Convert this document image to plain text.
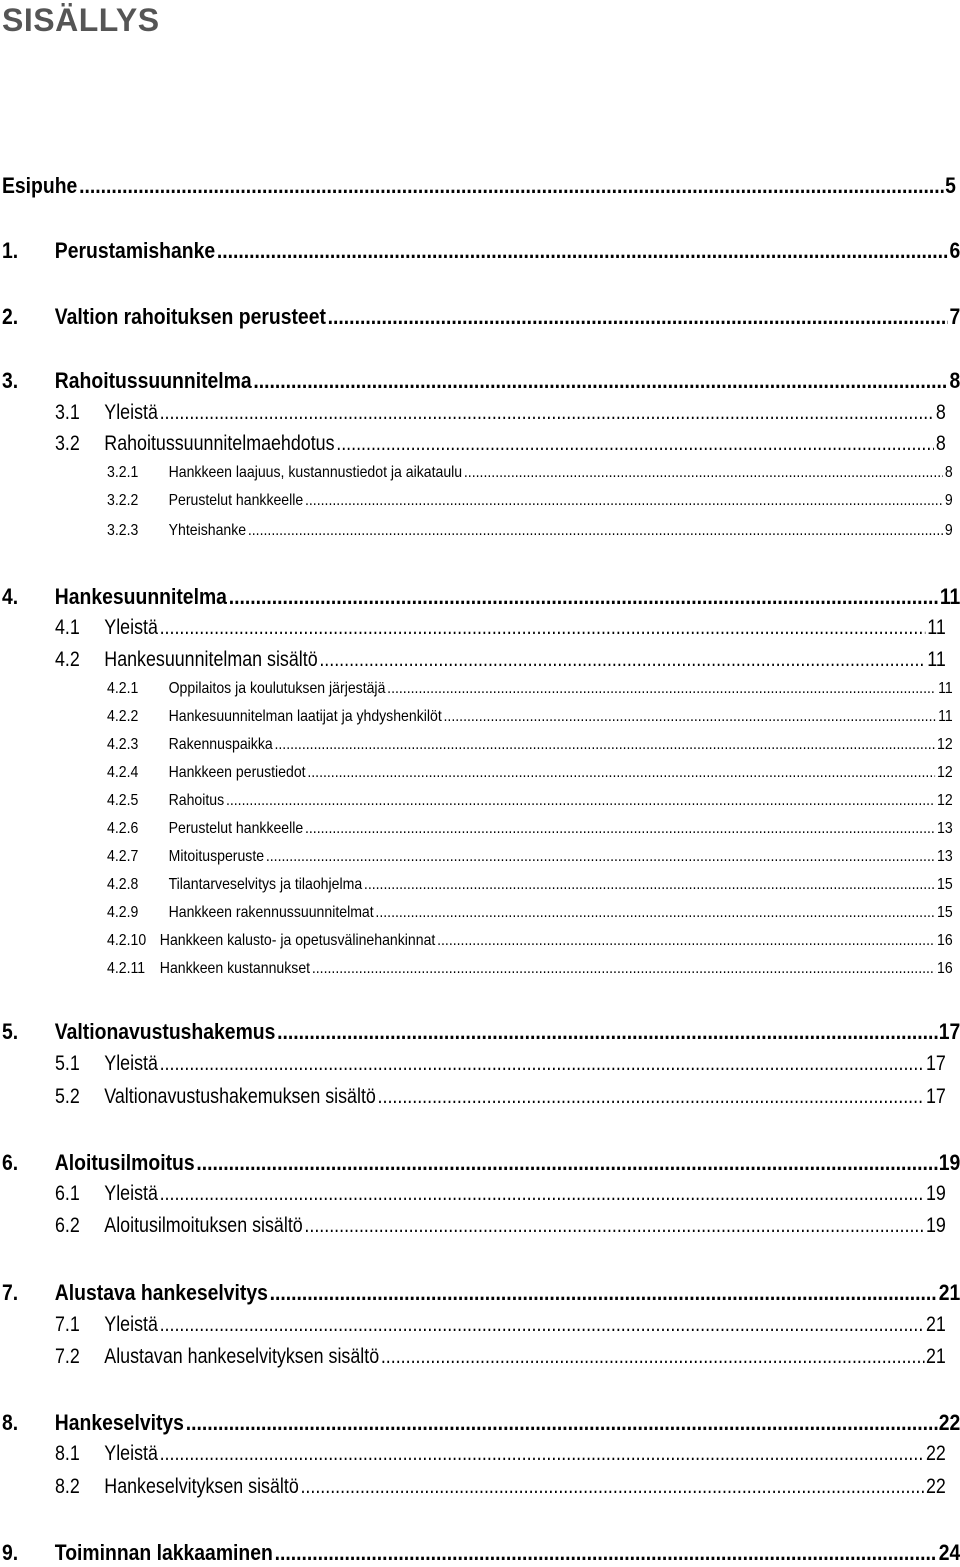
SISÄLLYS
Esipuhe .....	5
1.	Perustamishanke .....	6
2.	Valtion rahoituksen perusteet .....	7
3.	Rahoitussuunnitelma .....	8
3.1	Yleistä .....	8
3.2	Rahoitussuunnitelmaehdotus .....	8
3.2.1	Hankkeen laajuus, kustannustiedot ja aikataulu .....	8
3.2.2	Perustelut hankkeelle .....	9
3.2.3	Yhteishanke .....	9
4.	Hankesuunnitelma .....	11
4.1	Yleistä .....	11
4.2	Hankesuunnitelman sisältö .....	11
4.2.1	Oppilaitos ja koulutuksen järjestäjä .....	11
4.2.2	Hankesuunnitelman laatijat ja yhdyshenkilöt .....	11
4.2.3	Rakennuspaikka .....	12
4.2.4	Hankkeen perustiedot .....	12
4.2.5	Rahoitus .....	12
4.2.6	Perustelut hankkeelle .....	13
4.2.7	Mitoitusperuste .....	13
4.2.8	Tilantarveselvitys ja tilaohjelma .....	15
4.2.9	Hankkeen rakennussuunnitelmat .....	15
4.2.10 Hankkeen kalusto- ja opetusvälinehankinnat .....	16
4.2.11 Hankkeen kustannukset .....	16
5.	Valtionavustushakemus .....	17
5.1	Yleistä .....	17
5.2	Valtionavustushakemuksen sisältö .....	17
6.	Aloitusilmoitus .....	19
6.1	Yleistä .....	19
6.2	Aloitusilmoituksen sisältö .....	19
7.	Alustava hankeselvitys .....	21
7.1	Yleistä .....	21
7.2	Alustavan hankeselvityksen sisältö .....	21
8.	Hankeselvitys .....	22
8.1	Yleistä .....	22
8.2	Hankeselvityksen sisältö .....	22
9.	Toiminnan lakkaaminen .....	24
